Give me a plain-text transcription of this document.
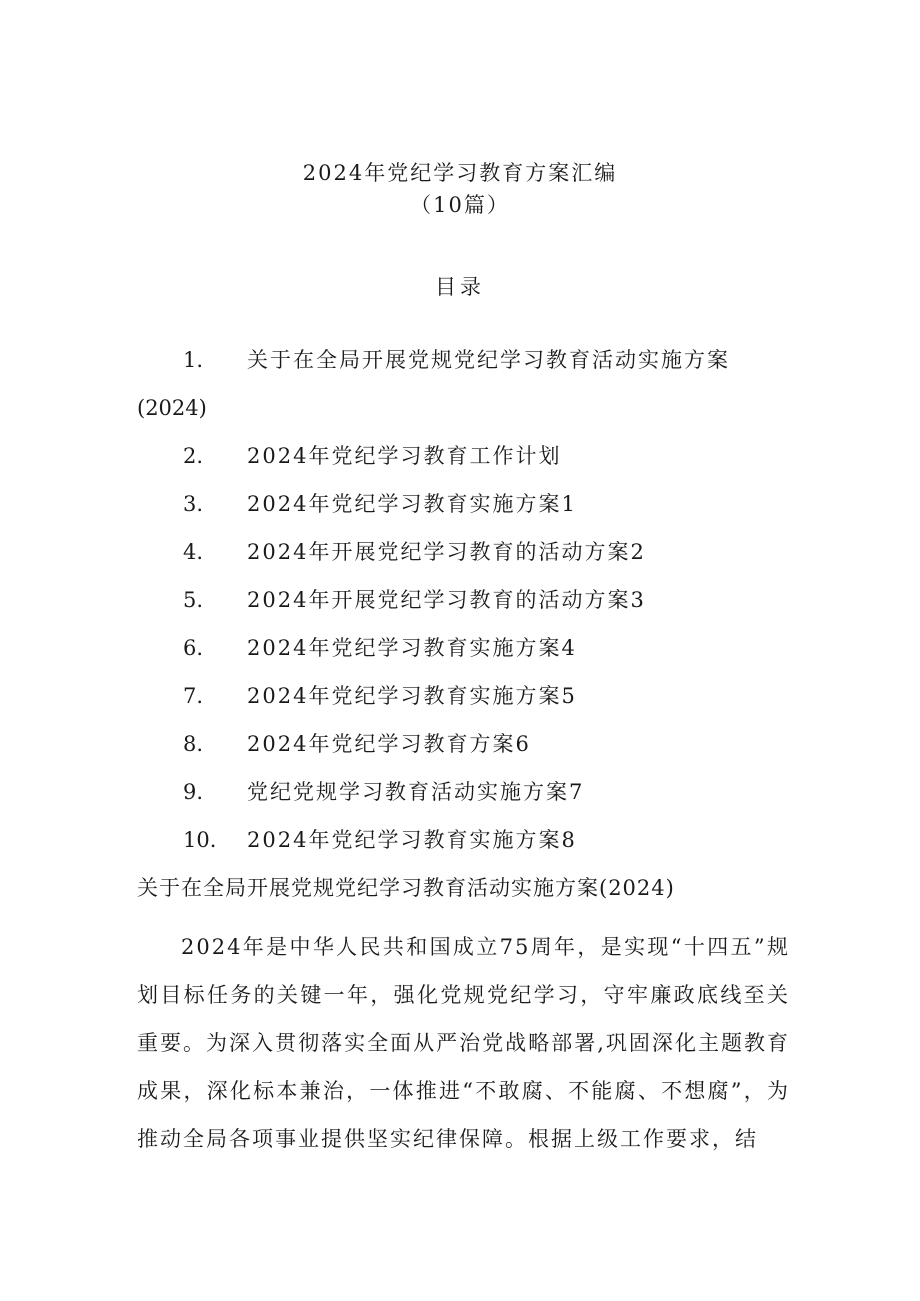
2024年党纪学习教育方案汇编
（10篇）
目录
1. 关于在全局开展党规党纪学习教育活动实施方案
(2024)
2. 2024年党纪学习教育工作计划
3. 2024年党纪学习教育实施方案1
4. 2024年开展党纪学习教育的活动方案2
5. 2024年开展党纪学习教育的活动方案3
6. 2024年党纪学习教育实施方案4
7. 2024年党纪学习教育实施方案5
8. 2024年党纪学习教育方案6
9. 党纪党规学习教育活动实施方案7
10. 2024年党纪学习教育实施方案8
关于在全局开展党规党纪学习教育活动实施方案(2024)

2024年是中华人民共和国成立75周年，是实现“十四五”规划目标任务的关键一年，强化党规党纪学习，守牢廉政底线至关重要。为深入贯彻落实全面从严治党战略部署,巩固深化主题教育成果，深化标本兼治，一体推进“不敢腐、不能腐、不想腐”，为推动全局各项事业提供坚实纪律保障。根据上级工作要求，结
